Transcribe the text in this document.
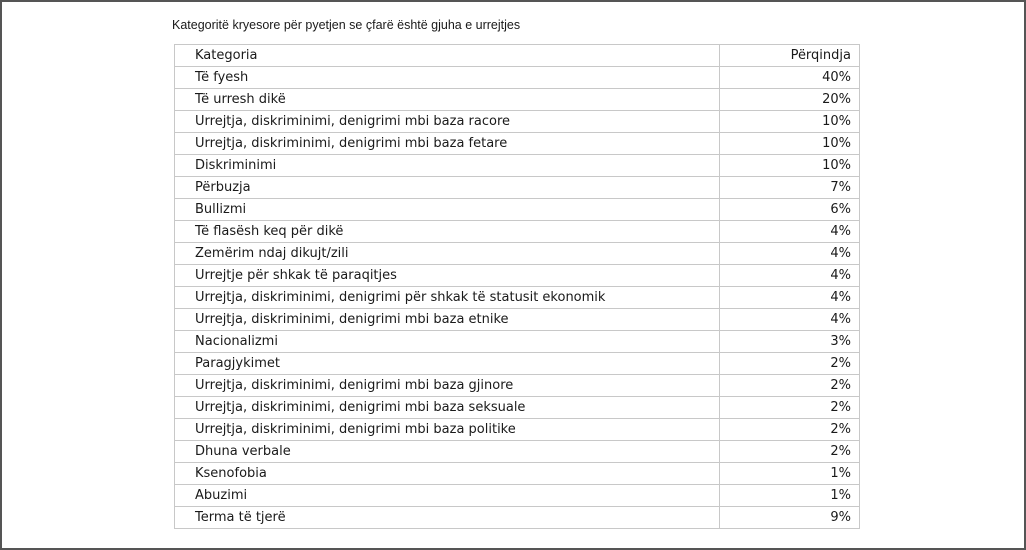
Kategoritë kryesore për pyetjen se çfarë është gjuha e urrejtjes
Kategoria	Përqindja
Të fyesh	40%
Të urresh dikë	20%
Urrejtja, diskriminimi, denigrimi mbi baza racore	10%
Urrejtja, diskriminimi, denigrimi mbi baza fetare	10%
Diskriminimi	10%
Përbuzja	7%
Bullizmi	6%
Të flasësh keq për dikë	4%
Zemërim ndaj dikujt/zili	4%
Urrejtje për shkak të paraqitjes	4%
Urrejtja, diskriminimi, denigrimi për shkak të statusit ekonomik	4%
Urrejtja, diskriminimi, denigrimi mbi baza etnike	4%
Nacionalizmi	3%
Paragjykimet	2%
Urrejtja, diskriminimi, denigrimi mbi baza gjinore	2%
Urrejtja, diskriminimi, denigrimi mbi baza seksuale	2%
Urrejtja, diskriminimi, denigrimi mbi baza politike	2%
Dhuna verbale	2%
Ksenofobia	1%
Abuzimi	1%
Terma të tjerë	9%
